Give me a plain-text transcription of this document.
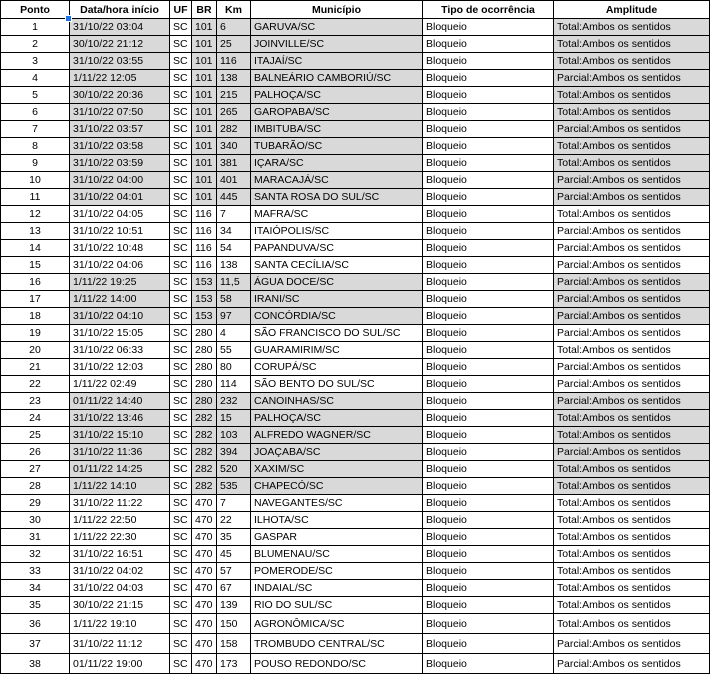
Ponto	Data/hora início	UF	BR	Km	Município	Tipo de ocorrência	Amplitude
1	31/10/22 03:04	SC	101	6	GARUVA/SC	Bloqueio	Total:Ambos os sentidos
2	30/10/22 21:12	SC	101	25	JOINVILLE/SC	Bloqueio	Total:Ambos os sentidos
3	31/10/22 03:55	SC	101	116	ITAJAÍ/SC	Bloqueio	Total:Ambos os sentidos
4	1/11/22 12:05	SC	101	138	BALNEÁRIO CAMBORIÚ/SC	Bloqueio	Parcial:Ambos os sentidos
5	30/10/22 20:36	SC	101	215	PALHOÇA/SC	Bloqueio	Total:Ambos os sentidos
6	31/10/22 07:50	SC	101	265	GAROPABA/SC	Bloqueio	Total:Ambos os sentidos
7	31/10/22 03:57	SC	101	282	IMBITUBA/SC	Bloqueio	Parcial:Ambos os sentidos
8	31/10/22 03:58	SC	101	340	TUBARÃO/SC	Bloqueio	Total:Ambos os sentidos
9	31/10/22 03:59	SC	101	381	IÇARA/SC	Bloqueio	Total:Ambos os sentidos
10	31/10/22 04:00	SC	101	401	MARACAJÁ/SC	Bloqueio	Parcial:Ambos os sentidos
11	31/10/22 04:01	SC	101	445	SANTA ROSA DO SUL/SC	Bloqueio	Parcial:Ambos os sentidos
12	31/10/22 04:05	SC	116	7	MAFRA/SC	Bloqueio	Total:Ambos os sentidos
13	31/10/22 10:51	SC	116	34	ITAIÓPOLIS/SC	Bloqueio	Parcial:Ambos os sentidos
14	31/10/22 10:48	SC	116	54	PAPANDUVA/SC	Bloqueio	Parcial:Ambos os sentidos
15	31/10/22 04:06	SC	116	138	SANTA CECÍLIA/SC	Bloqueio	Parcial:Ambos os sentidos
16	1/11/22 19:25	SC	153	11,5	ÁGUA DOCE/SC	Bloqueio	Parcial:Ambos os sentidos
17	1/11/22 14:00	SC	153	58	IRANI/SC	Bloqueio	Parcial:Ambos os sentidos
18	31/10/22 04:10	SC	153	97	CONCÓRDIA/SC	Bloqueio	Parcial:Ambos os sentidos
19	31/10/22 15:05	SC	280	4	SÃO FRANCISCO DO SUL/SC	Bloqueio	Parcial:Ambos os sentidos
20	31/10/22 06:33	SC	280	55	GUARAMIRIM/SC	Bloqueio	Total:Ambos os sentidos
21	31/10/22 12:03	SC	280	80	CORUPÁ/SC	Bloqueio	Parcial:Ambos os sentidos
22	1/11/22 02:49	SC	280	114	SÃO BENTO DO SUL/SC	Bloqueio	Parcial:Ambos os sentidos
23	01/11/22 14:40	SC	280	232	CANOINHAS/SC	Bloqueio	Parcial:Ambos os sentidos
24	31/10/22 13:46	SC	282	15	PALHOÇA/SC	Bloqueio	Total:Ambos os sentidos
25	31/10/22 15:10	SC	282	103	ALFREDO WAGNER/SC	Bloqueio	Total:Ambos os sentidos
26	31/10/22 11:36	SC	282	394	JOAÇABA/SC	Bloqueio	Parcial:Ambos os sentidos
27	01/11/22 14:25	SC	282	520	XAXIM/SC	Bloqueio	Total:Ambos os sentidos
28	1/11/22 14:10	SC	282	535	CHAPECÓ/SC	Bloqueio	Total:Ambos os sentidos
29	31/10/22 11:22	SC	470	7	NAVEGANTES/SC	Bloqueio	Total:Ambos os sentidos
30	1/11/22 22:50	SC	470	22	ILHOTA/SC	Bloqueio	Total:Ambos os sentidos
31	1/11/22 22:30	SC	470	35	GASPAR	Bloqueio	Total:Ambos os sentidos
32	31/10/22 16:51	SC	470	45	BLUMENAU/SC	Bloqueio	Total:Ambos os sentidos
33	31/10/22 04:02	SC	470	57	POMERODE/SC	Bloqueio	Total:Ambos os sentidos
34	31/10/22 04:03	SC	470	67	INDAIAL/SC	Bloqueio	Total:Ambos os sentidos
35	30/10/22 21:15	SC	470	139	RIO DO SUL/SC	Bloqueio	Total:Ambos os sentidos
36	1/11/22 19:10	SC	470	150	AGRONÔMICA/SC	Bloqueio	Total:Ambos os sentidos
37	31/10/22 11:12	SC	470	158	TROMBUDO CENTRAL/SC	Bloqueio	Parcial:Ambos os sentidos
38	01/11/22 19:00	SC	470	173	POUSO REDONDO/SC	Bloqueio	Parcial:Ambos os sentidos
